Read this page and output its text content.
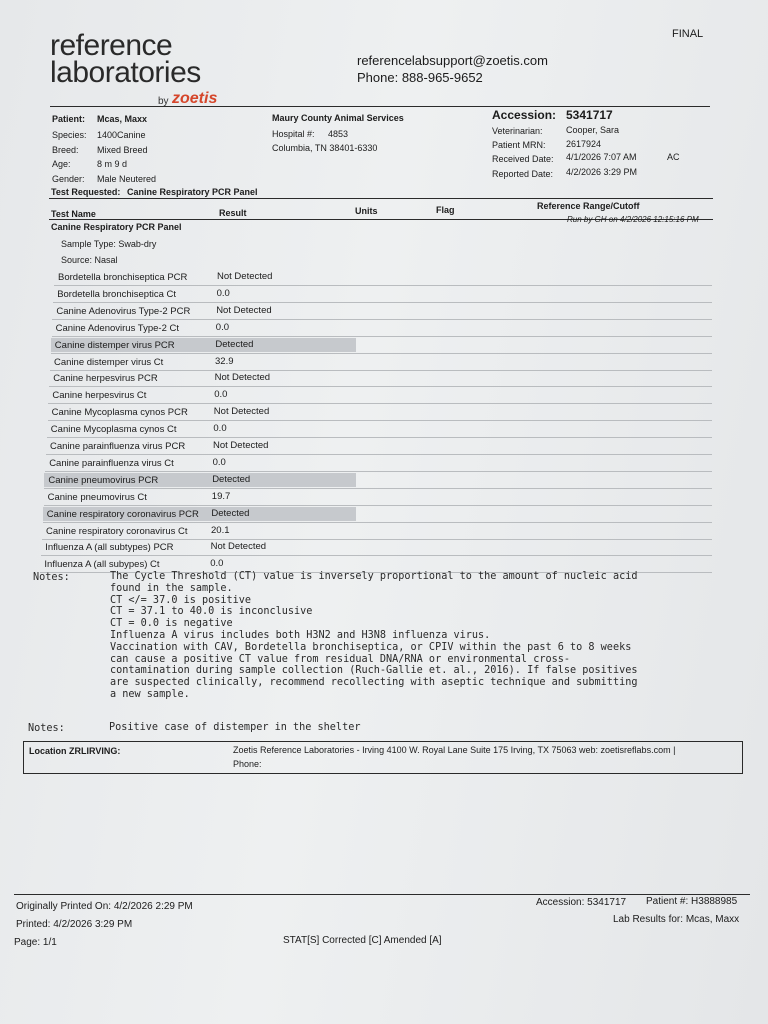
reference
laboratories
by zoetis
FINAL
referencelabsupport@zoetis.com
Phone: 888-965-9652
Patient: Mcas, Maxx
Species: 1400Canine
Breed: Mixed Breed
Age:	8 m 9 d
Gender: Male Neutered
Test Requested: Canine Respiratory PCR Panel
Maury County Animal Services
Hospital #: 4853
Columbia, TN 38401-6330
Accession: 5341717
Veterinarian:	Cooper, Sara
Patient MRN: 2617924
Received Date: 4/1/2026 7:07 AM	AC
Reported Date: 4/2/2026 3:29 PM
Test Name	Result	Units	Flag	Reference Range/Cutoff
Canine Respiratory PCR Panel
Run by GH on 4/2/2026 12:15:16 PM
Sample Type: Swab-dry
Source: Nasal
Bordetella bronchiseptica PCR	Not Detected
Bordetella bronchiseptica Ct	0.0
Canine Adenovirus Type-2 PCR	Not Detected
Canine Adenovirus Type-2 Ct	0.0
Canine distemper virus PCR	Detected
Canine distemper virus Ct	32.9
Canine herpesvirus PCR	Not Detected
Canine herpesvirus Ct	0.0
Canine Mycoplasma cynos PCR	Not Detected
Canine Mycoplasma cynos Ct	0.0
Canine parainfluenza virus PCR	Not Detected
Canine parainfluenza virus Ct	0.0
Canine pneumovirus PCR	Detected
Canine pneumovirus Ct	19.7
Canine respiratory coronavirus PCR Detected
Canine respiratory coronavirus Ct 20.1
Influenza A (all subtypes) PCR	Not Detected
Influenza A (all subypes) Ct	0.0
Notes:	The Cycle Threshold (CT) value is inversely proportional to the amount of nucleic acid
found in the sample.
CT </= 37.0 is positive
CT = 37.1 to 40.0 is inconclusive
CT = 0.0 is negative
Influenza A virus includes both H3N2 and H3N8 influenza virus.
Vaccination with CAV, Bordetella bronchiseptica, or CPIV within the past 6 to 8 weeks
can cause a positive CT value from residual DNA/RNA or environmental cross-
contamination during sample collection (Ruch-Gallie et. al., 2016). If false positives
are suspected clinically, recommend recollecting with aseptic technique and submitting
a new sample.
Notes:	Positive case of distemper in the shelter
Location ZRLIRVING:	Zoetis Reference Laboratories - Irving 4100 W. Royal Lane Suite 175 Irving, TX 75063 web: zoetisreflabs.com |
Phone:
Originally Printed On: 4/2/2026 2:29 PM
Printed: 4/2/2026 3:29 PM
Page: 1/1
Accession: 5341717 Patient #: H3888985
Lab Results for: Mcas, Maxx
STAT[S] Corrected [C] Amended [A]
